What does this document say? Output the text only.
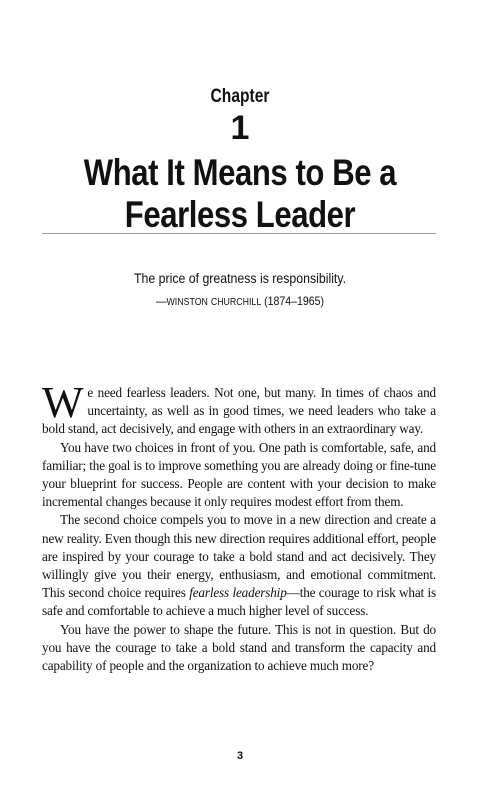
Chapter
1
What It Means to Be a
Fearless Leader
The price of greatness is responsibility.
—WINSTON CHURCHILL (1874–1965)

We need fearless leaders. Not one, but many. In times of chaos and uncertainty, as well as in good times, we need leaders who take a bold stand, act decisively, and engage with others in an extraordinary way.

You have two choices in front of you. One path is comfortable, safe, and familiar; the goal is to improve something you are already doing or fine-tune your blueprint for success. People are content with your decision to make incremental changes because it only requires modest effort from them.

The second choice compels you to move in a new direction and create a new reality. Even though this new direction requires additional effort, people are inspired by your courage to take a bold stand and act decisively. They willingly give you their energy, enthusiasm, and emotional commitment. This second choice requires fearless leadership—the courage to risk what is safe and comfortable to achieve a much higher level of success.

You have the power to shape the future. This is not in question. But do you have the courage to take a bold stand and transform the capacity and capability of people and the organization to achieve much more?

3
